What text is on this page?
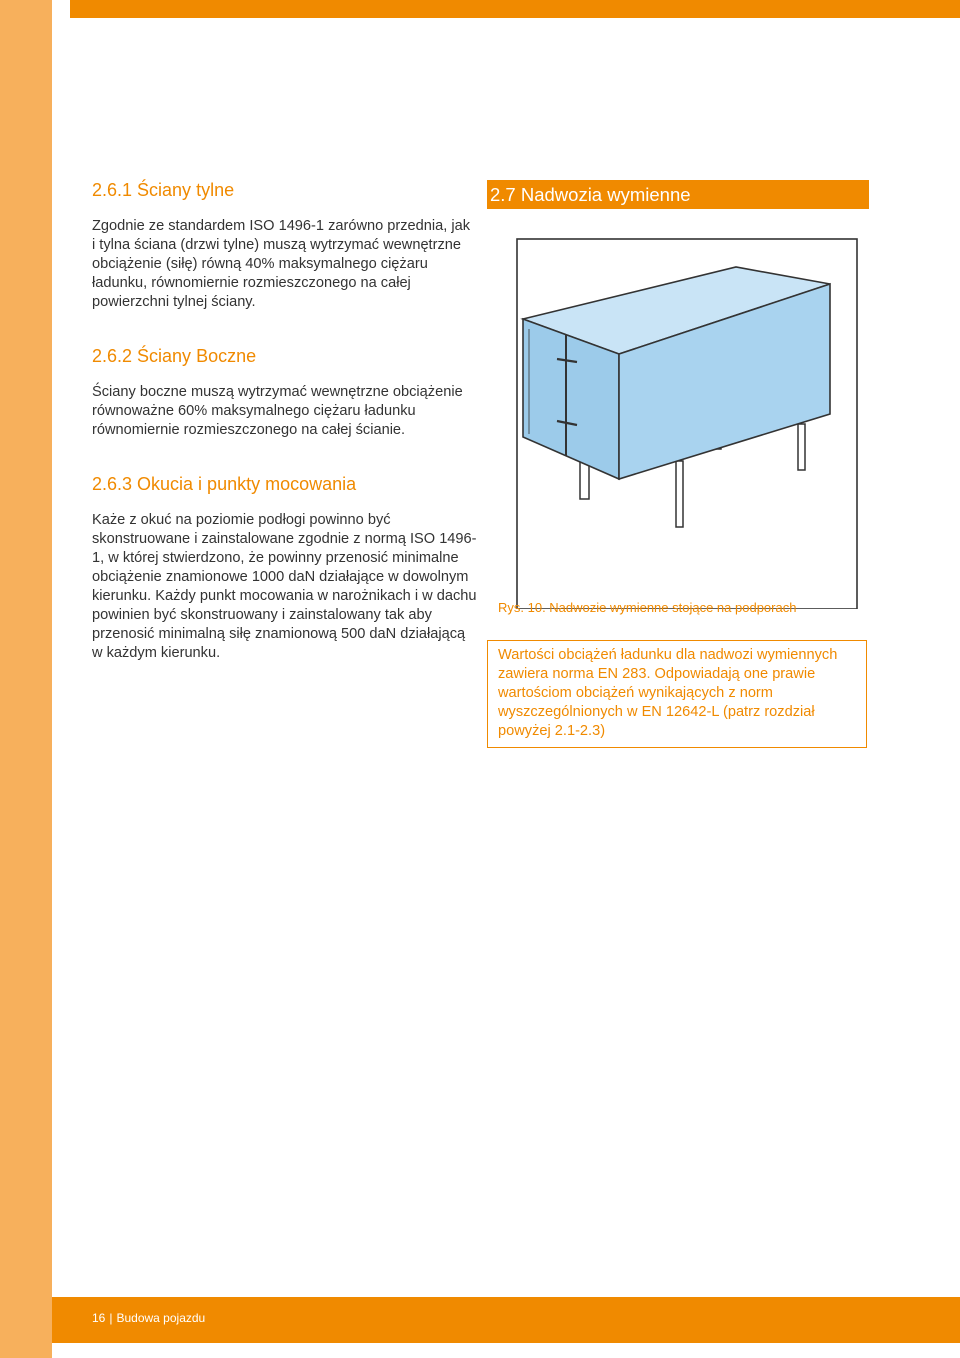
2.6.1 Ściany tylne

Zgodnie ze standardem ISO 1496-1 zarówno przednia, jak i tylna ściana (drzwi tylne) muszą wytrzymać wewnętrzne obciążenie (siłę) równą 40% maksymalnego ciężaru ładunku, równomiernie rozmieszczonego na całej powierzchni tylnej ściany.

2.6.2 Ściany Boczne

Ściany boczne muszą wytrzymać wewnętrzne obciążenie równoważne 60% maksymalnego ciężaru ładunku równomiernie rozmieszczonego na całej ścianie.

2.6.3 Okucia i punkty mocowania

Każe z okuć na poziomie podłogi powinno być skonstruowane i zainstalowane zgodnie z normą ISO 1496-1, w której stwierdzono, że powinny przenosić minimalne obciążenie znamionowe 1000 daN działające w dowolnym kierunku. Każdy punkt mocowania w narożnikach i w dachu powinien być skonstruowany i zainstalowany tak aby przenosić minimalną siłę znamionową 500 daN działającą w każdym kierunku.

2.7 Nadwozia wymienne
Rys. 10. Nadwozie wymienne stojące na podporach
Wartości obciążeń ładunku dla nadwozi wymiennych zawiera norma EN 283. Odpowiadają one prawie wartościom obciążeń wynikających z norm wyszczególnionych w EN 12642-L (patrz rozdział powyżej 2.1-2.3)
16 | Budowa pojazdu
